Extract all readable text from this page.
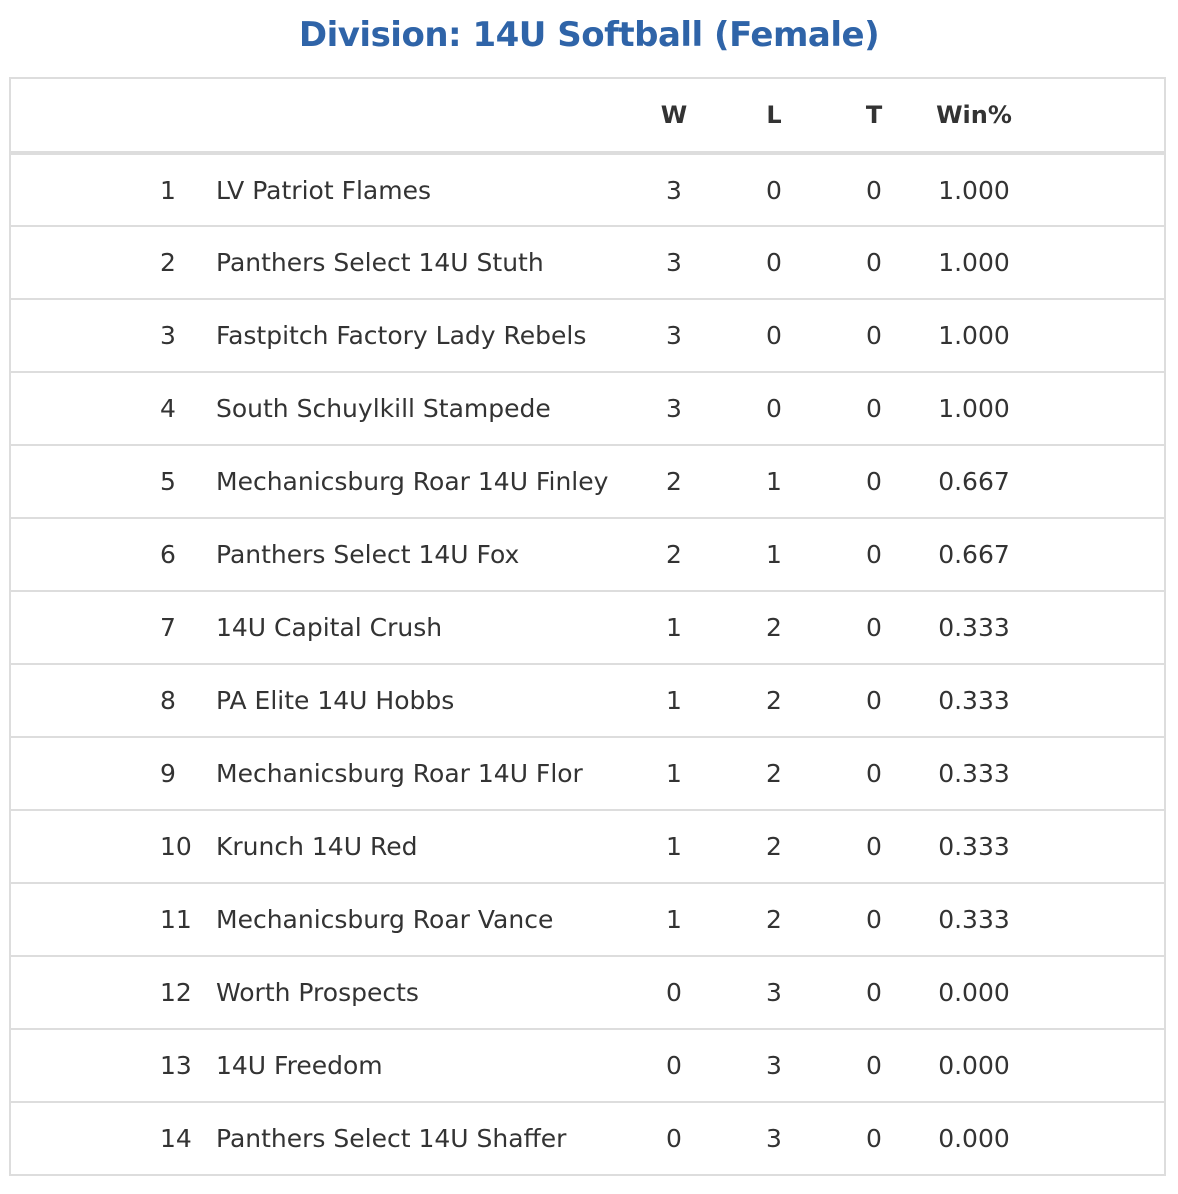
Division: 14U Softball (Female)
			W	L	T	Win%	
	1	LV Patriot Flames	3	0	0	1.000	
	2	Panthers Select 14U Stuth	3	0	0	1.000	
	3	Fastpitch Factory Lady Rebels	3	0	0	1.000	
	4	South Schuylkill Stampede	3	0	0	1.000	
	5	Mechanicsburg Roar 14U Finley	2	1	0	0.667	
	6	Panthers Select 14U Fox	2	1	0	0.667	
	7	14U Capital Crush	1	2	0	0.333	
	8	PA Elite 14U Hobbs	1	2	0	0.333	
	9	Mechanicsburg Roar 14U Flor	1	2	0	0.333	
	10	Krunch 14U Red	1	2	0	0.333	
	11	Mechanicsburg Roar Vance	1	2	0	0.333	
	12	Worth Prospects	0	3	0	0.000	
	13	14U Freedom	0	3	0	0.000	
	14	Panthers Select 14U Shaffer	0	3	0	0.000	
